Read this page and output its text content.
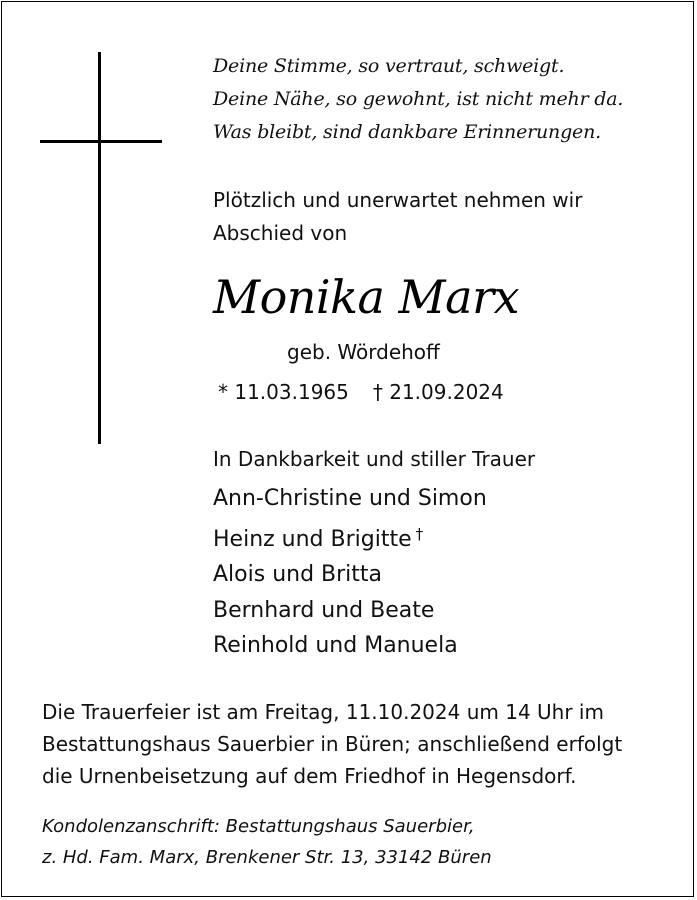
Deine Stimme, so vertraut, schweigt.
Deine Nähe, so gewohnt, ist nicht mehr da.
Was bleibt, sind dankbare Erinnerungen.
Plötzlich und unerwartet nehmen wir
Abschied von
Monika Marx
geb. Wördehoff
* 11.03.1965 † 21.09.2024
In Dankbarkeit und stiller Trauer
Ann-Christine und Simon
Heinz und Brigitte †
Alois und Britta
Bernhard und Beate
Reinhold und Manuela
Die Trauerfeier ist am Freitag, 11.10.2024 um 14 Uhr im
Bestattungshaus Sauerbier in Büren; anschließend erfolgt
die Urnenbeisetzung auf dem Friedhof in Hegensdorf.
Kondolenzanschrift: Bestattungshaus Sauerbier,
z. Hd. Fam. Marx, Brenkener Str. 13, 33142 Büren
